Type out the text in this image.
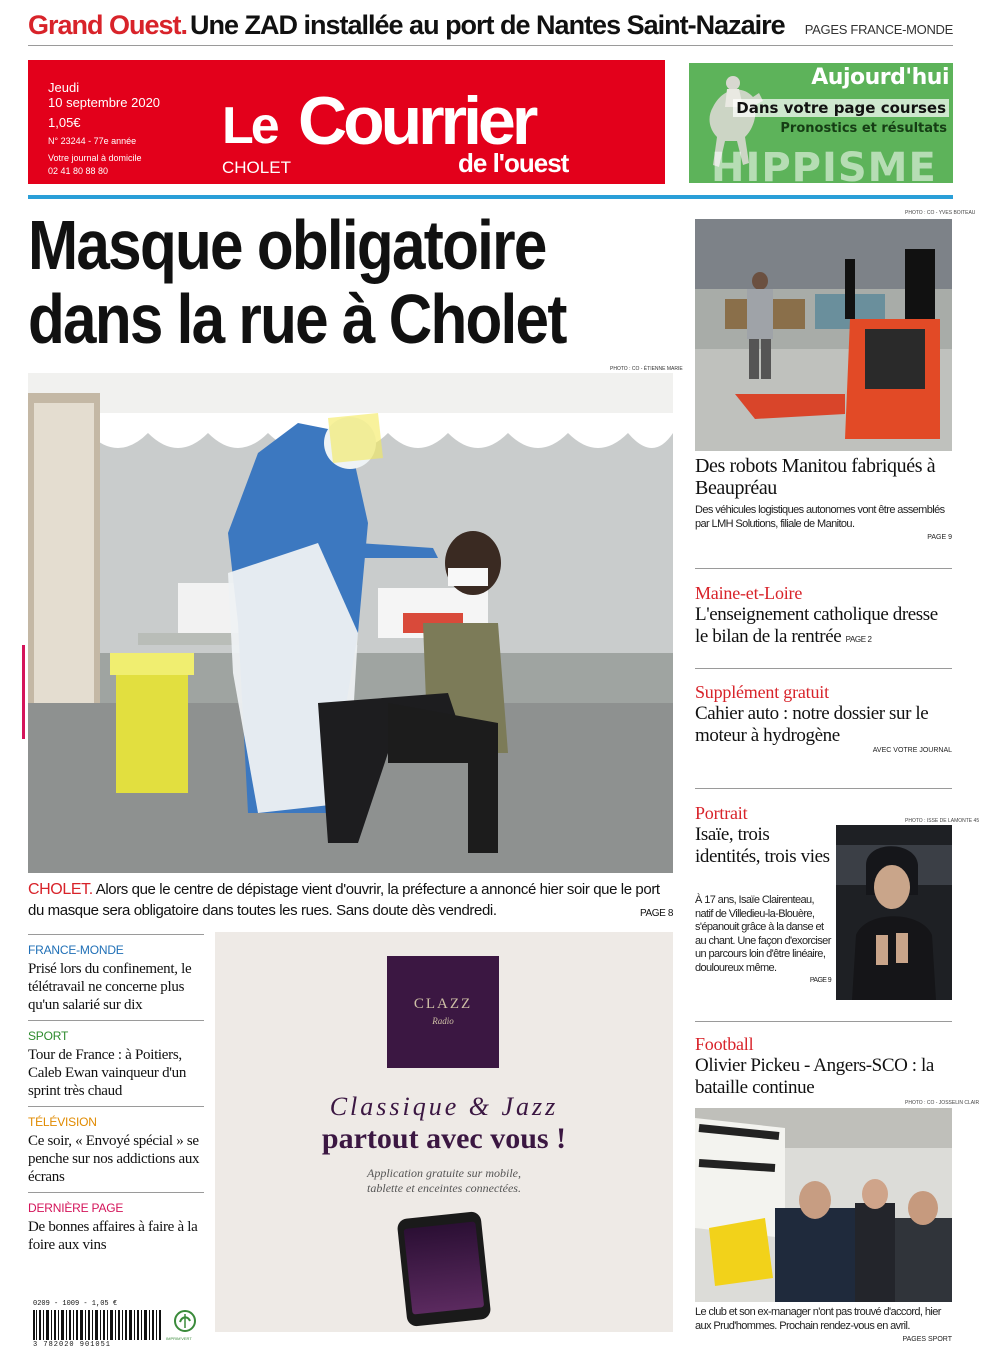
Grand Ouest. Une ZAD installée au port de Nantes Saint-Nazaire PAGES FRANCE-MONDE
Jeudi
10 septembre 2020
1,05€
N° 23244 - 77e année
Votre journal à domicile
02 41 80 88 80
Le Courrier
de l'ouest
CHOLET
Aujourd'hui
Dans votre page courses
Pronostics et résultats
HIPPISME
Masque obligatoire
dans la rue à Cholet
PHOTO : CO - ÉTIENNE MARIE

CHOLET. Alors que le centre de dépistage vient d'ouvrir, la préfecture a annoncé hier soir que le port du masque sera obligatoire dans toutes les rues. Sans doute dès vendredi.	PAGE 8

FRANCE-MONDE
Prisé lors du confinement, le télétravail ne concerne plus qu'un salarié sur dix
SPORT
Tour de France : à Poitiers, Caleb Ewan vainqueur d'un sprint très chaud
TÉLÉVISION
Ce soir, « Envoyé spécial » se penche sur nos addictions aux écrans
DERNIÈRE PAGE
De bonnes affaires à faire à la foire aux vins
CLAZZ
Radio
Classique & Jazz
partout avec vous !
Application gratuite sur mobile,
tablette et enceintes connectées.
0209 - 1009 - 1,05 €
3 782020 901051
IMPRIM'VERT
PHOTO : CO - YVES BOITEAU
Des robots Manitou fabriqués à Beaupréau
Des véhicules logistiques autonomes vont être assemblés par LMH Solutions, filiale de Manitou.
PAGE 9
Maine-et-Loire
L'enseignement catholique dresse le bilan de la rentrée PAGE 2
Supplément gratuit
Cahier auto : notre dossier sur le moteur à hydrogène
AVEC VOTRE JOURNAL
Portrait
Isaïe, trois identités, trois vies
PHOTO : ISSE DE LAMONTE 45
À 17 ans, Isaïe Clairenteau, natif de Villedieu-la-Blouère, s'épanouit grâce à la danse et au chant. Une façon d'exorciser un parcours loin d'être linéaire, douloureux même.
PAGE 9
Football
Olivier Pickeu - Angers-SCO : la bataille continue
PHOTO : CO - JOSSELIN CLAIR
Le club et son ex-manager n'ont pas trouvé d'accord, hier aux Prud'hommes. Prochain rendez-vous en avril.
PAGES SPORT
